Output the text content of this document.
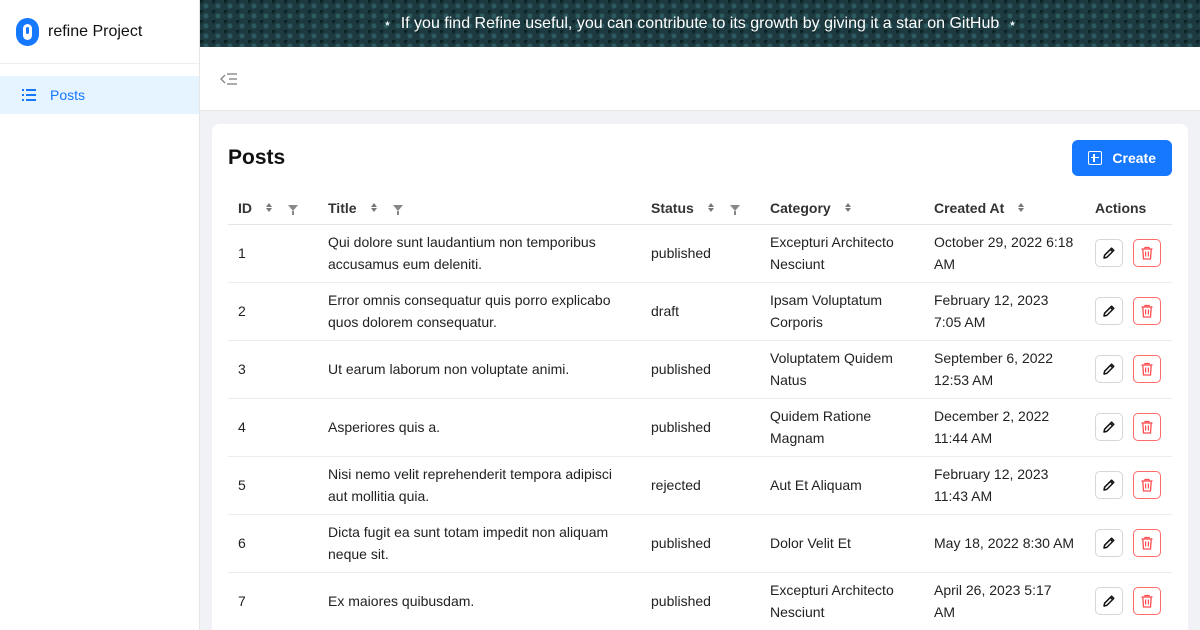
refine Project
Posts
⭑ If you find Refine useful, you can contribute to its growth by giving it a star on GitHub ⭑
Posts	Create
ID	Title	Status	Category	Created At	Actions

1	Qui dolore sunt laudantium non temporibus accusamus eum deleniti.	published	Excepturi Architecto Nesciunt	October 29, 2022 6:18 AM	

2	Error omnis consequatur quis porro explicabo quos dolorem consequatur.	draft	Ipsam Voluptatum Corporis	February 12, 2023 7:05 AM	

3	Ut earum laborum non voluptate animi.	published	Voluptatem Quidem Natus	September 6, 2022 12:53 AM	

4	Asperiores quis a.	published	Quidem Ratione Magnam	December 2, 2022 11:44 AM	

5	Nisi nemo velit reprehenderit tempora adipisci aut mollitia quia.	rejected	Aut Et Aliquam	February 12, 2023 11:43 AM	

6	Dicta fugit ea sunt totam impedit non aliquam neque sit.	published	Dolor Velit Et	May 18, 2022 8:30 AM	

7	Ex maiores quibusdam.	published	Excepturi Architecto Nesciunt	April 26, 2023 5:17 AM	
